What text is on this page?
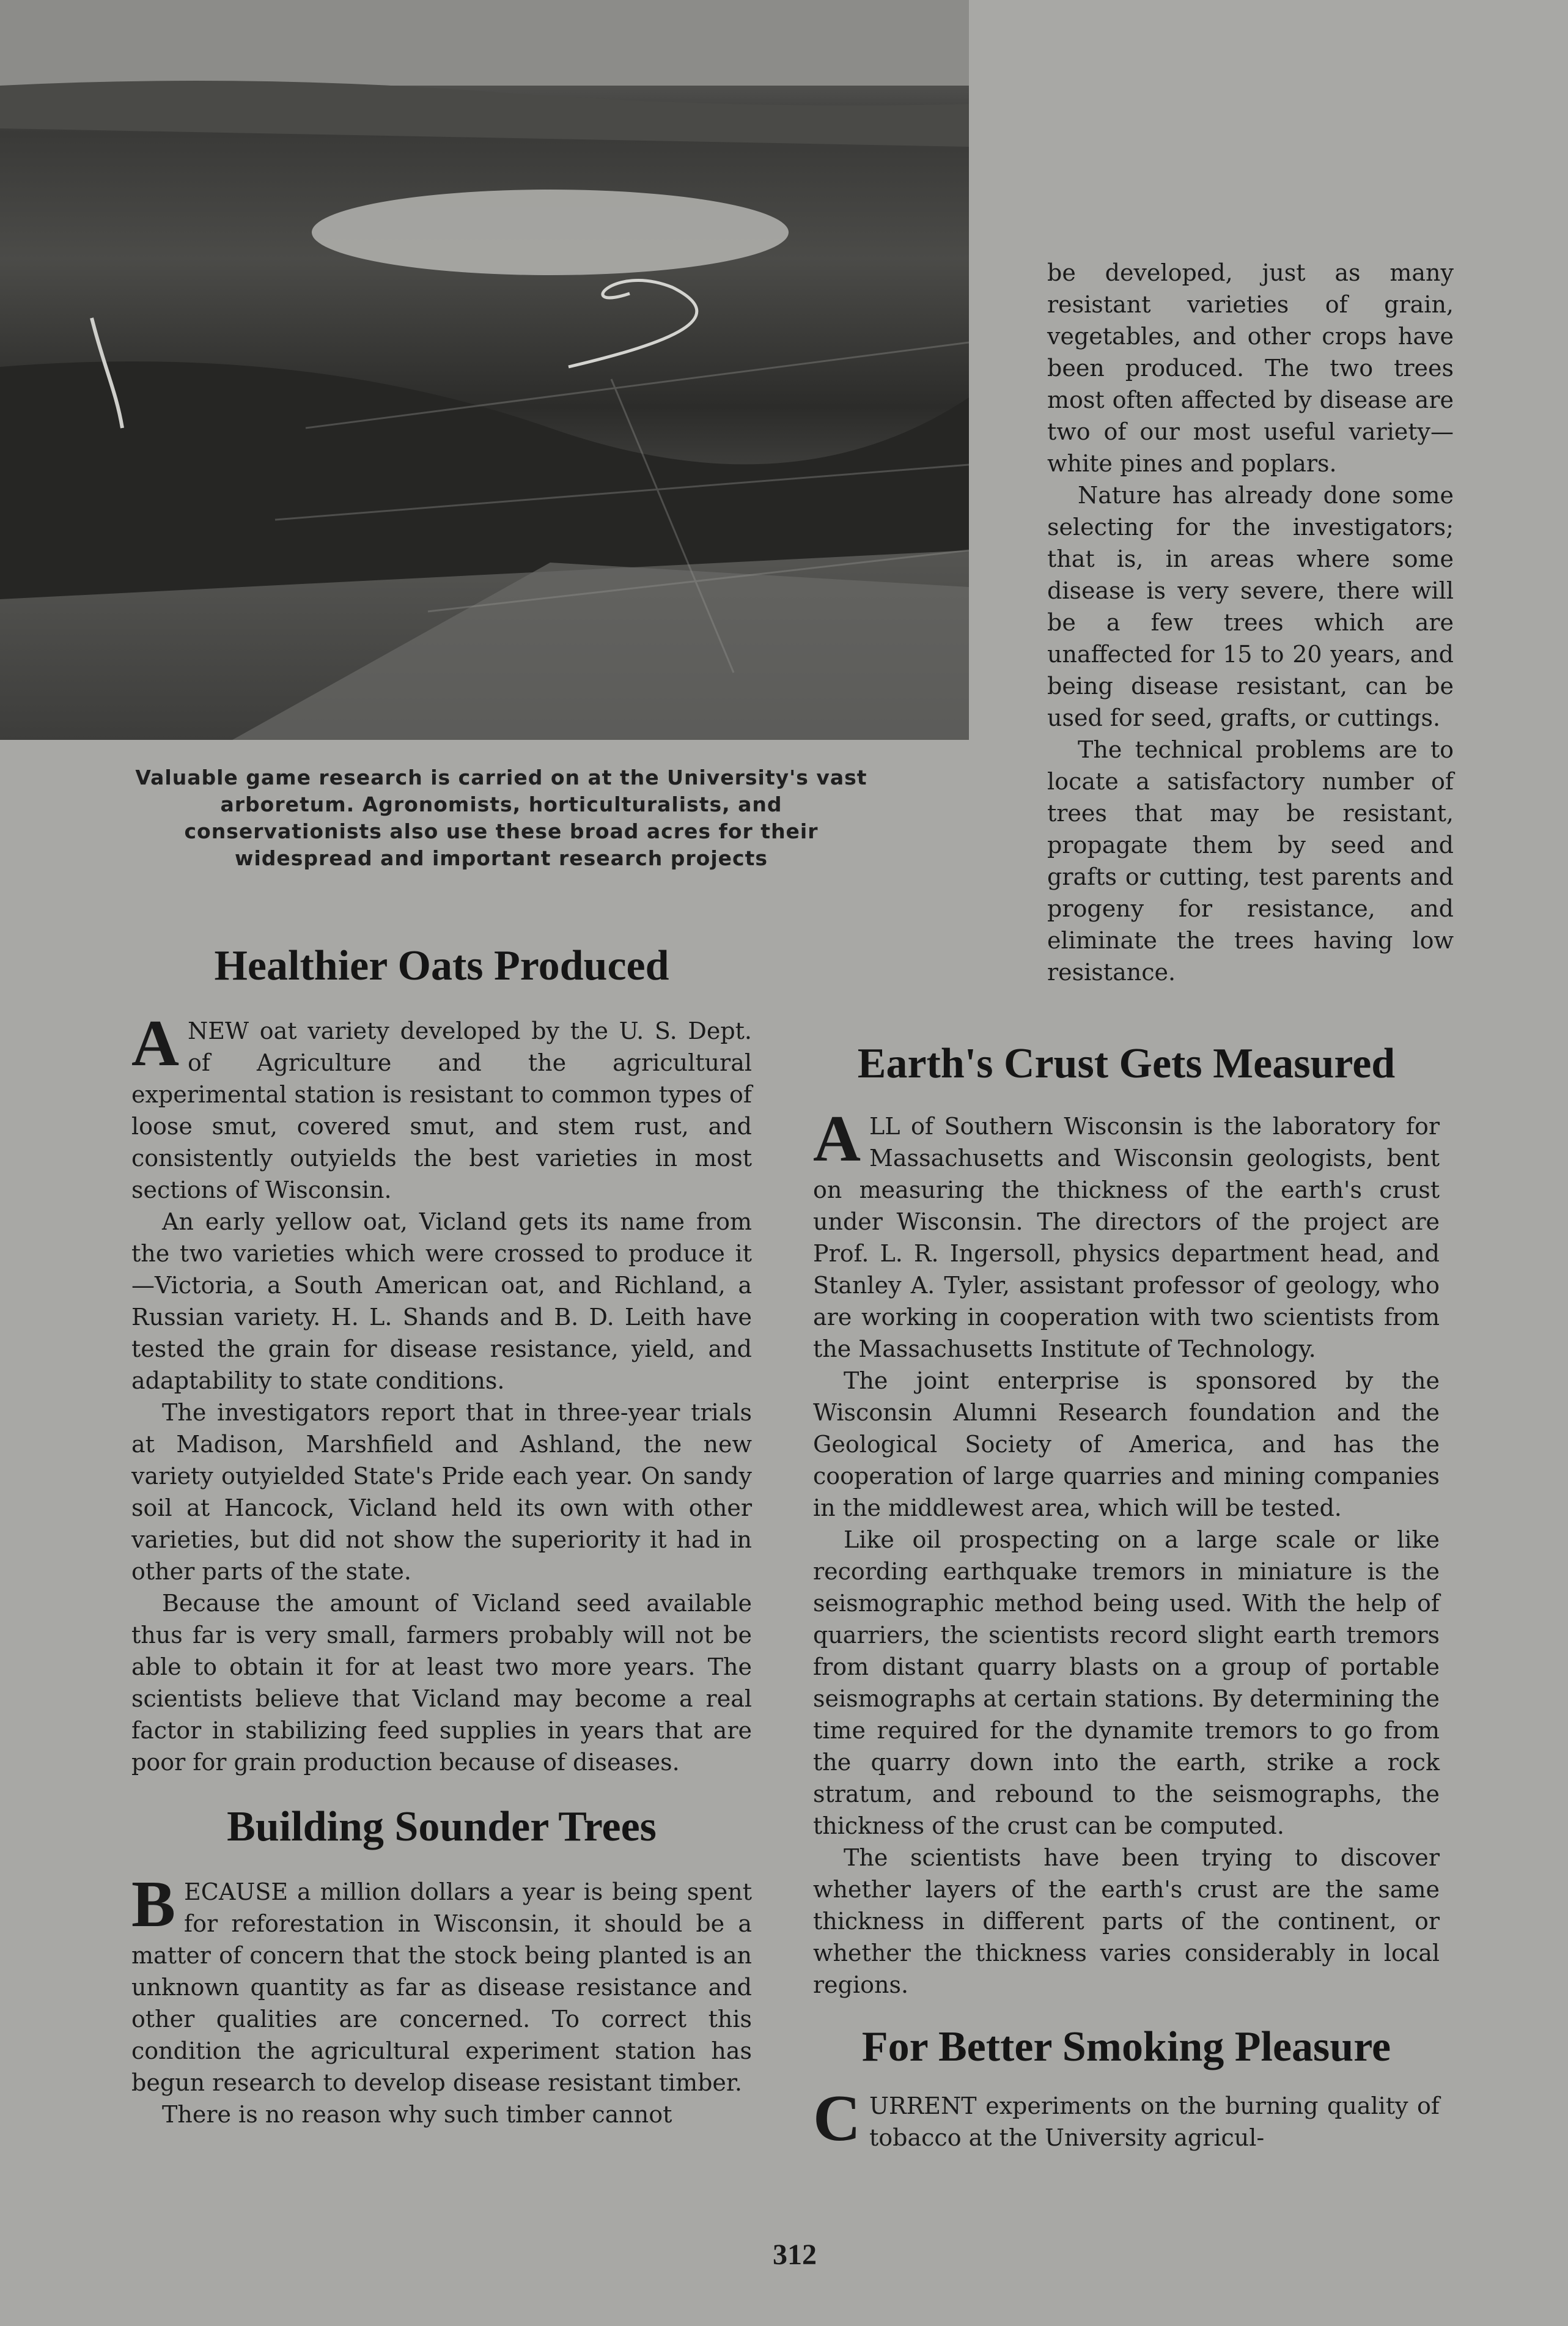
Valuable game research is carried on at the University's vast arboretum. Agronomists, horticulturalists, and conservationists also use these broad acres for their widespread and important research projects

be developed, just as many resistant varieties of grain, vegetables, and other crops have been produced. The two trees most often affected by disease are two of our most useful variety—white pines and poplars.

Nature has already done some selecting for the investigators; that is, in areas where some disease is very severe, there will be a few trees which are unaffected for 15 to 20 years, and being disease resistant, can be used for seed, grafts, or cuttings.

The technical problems are to locate a satisfactory number of trees that may be resistant, propagate them by seed and grafts or cutting, test parents and progeny for resistance, and eliminate the trees having low resistance.

Healthier Oats Produced

ANEW oat variety developed by the U. S. Dept. of Agriculture and the agricultural experimental station is resistant to common types of loose smut, covered smut, and stem rust, and consistently outyields the best varieties in most sections of Wisconsin.

An early yellow oat, Vicland gets its name from the two varieties which were crossed to produce it—Victoria, a South American oat, and Richland, a Russian variety. H. L. Shands and B. D. Leith have tested the grain for disease resistance, yield, and adaptability to state conditions.

The investigators report that in three-year trials at Madison, Marshfield and Ashland, the new variety outyielded State's Pride each year. On sandy soil at Hancock, Vicland held its own with other varieties, but did not show the superiority it had in other parts of the state.

Because the amount of Vicland seed available thus far is very small, farmers probably will not be able to obtain it for at least two more years. The scientists believe that Vicland may become a real factor in stabilizing feed supplies in years that are poor for grain production because of diseases.

Building Sounder Trees

BECAUSE a million dollars a year is being spent for reforestation in Wisconsin, it should be a matter of concern that the stock being planted is an unknown quantity as far as disease resistance and other qualities are concerned. To correct this condition the agricultural experiment station has begun research to develop disease resistant timber.

There is no reason why such timber cannot

Earth's Crust Gets Measured

ALL of Southern Wisconsin is the laboratory for Massachusetts and Wisconsin geologists, bent on measuring the thickness of the earth's crust under Wisconsin. The directors of the project are Prof. L. R. Ingersoll, physics department head, and Stanley A. Tyler, assistant professor of geology, who are working in cooperation with two scientists from the Massachusetts Institute of Technology.

The joint enterprise is sponsored by the Wisconsin Alumni Research foundation and the Geological Society of America, and has the cooperation of large quarries and mining companies in the middlewest area, which will be tested.

Like oil prospecting on a large scale or like recording earthquake tremors in miniature is the seismographic method being used. With the help of quarriers, the scientists record slight earth tremors from distant quarry blasts on a group of portable seismographs at certain stations. By determining the time required for the dynamite tremors to go from the quarry down into the earth, strike a rock stratum, and rebound to the seismographs, the thickness of the crust can be computed.

The scientists have been trying to discover whether layers of the earth's crust are the same thickness in different parts of the continent, or whether the thickness varies considerably in local regions.

For Better Smoking Pleasure

CURRENT experiments on the burning quality of tobacco at the University agricul-

312
